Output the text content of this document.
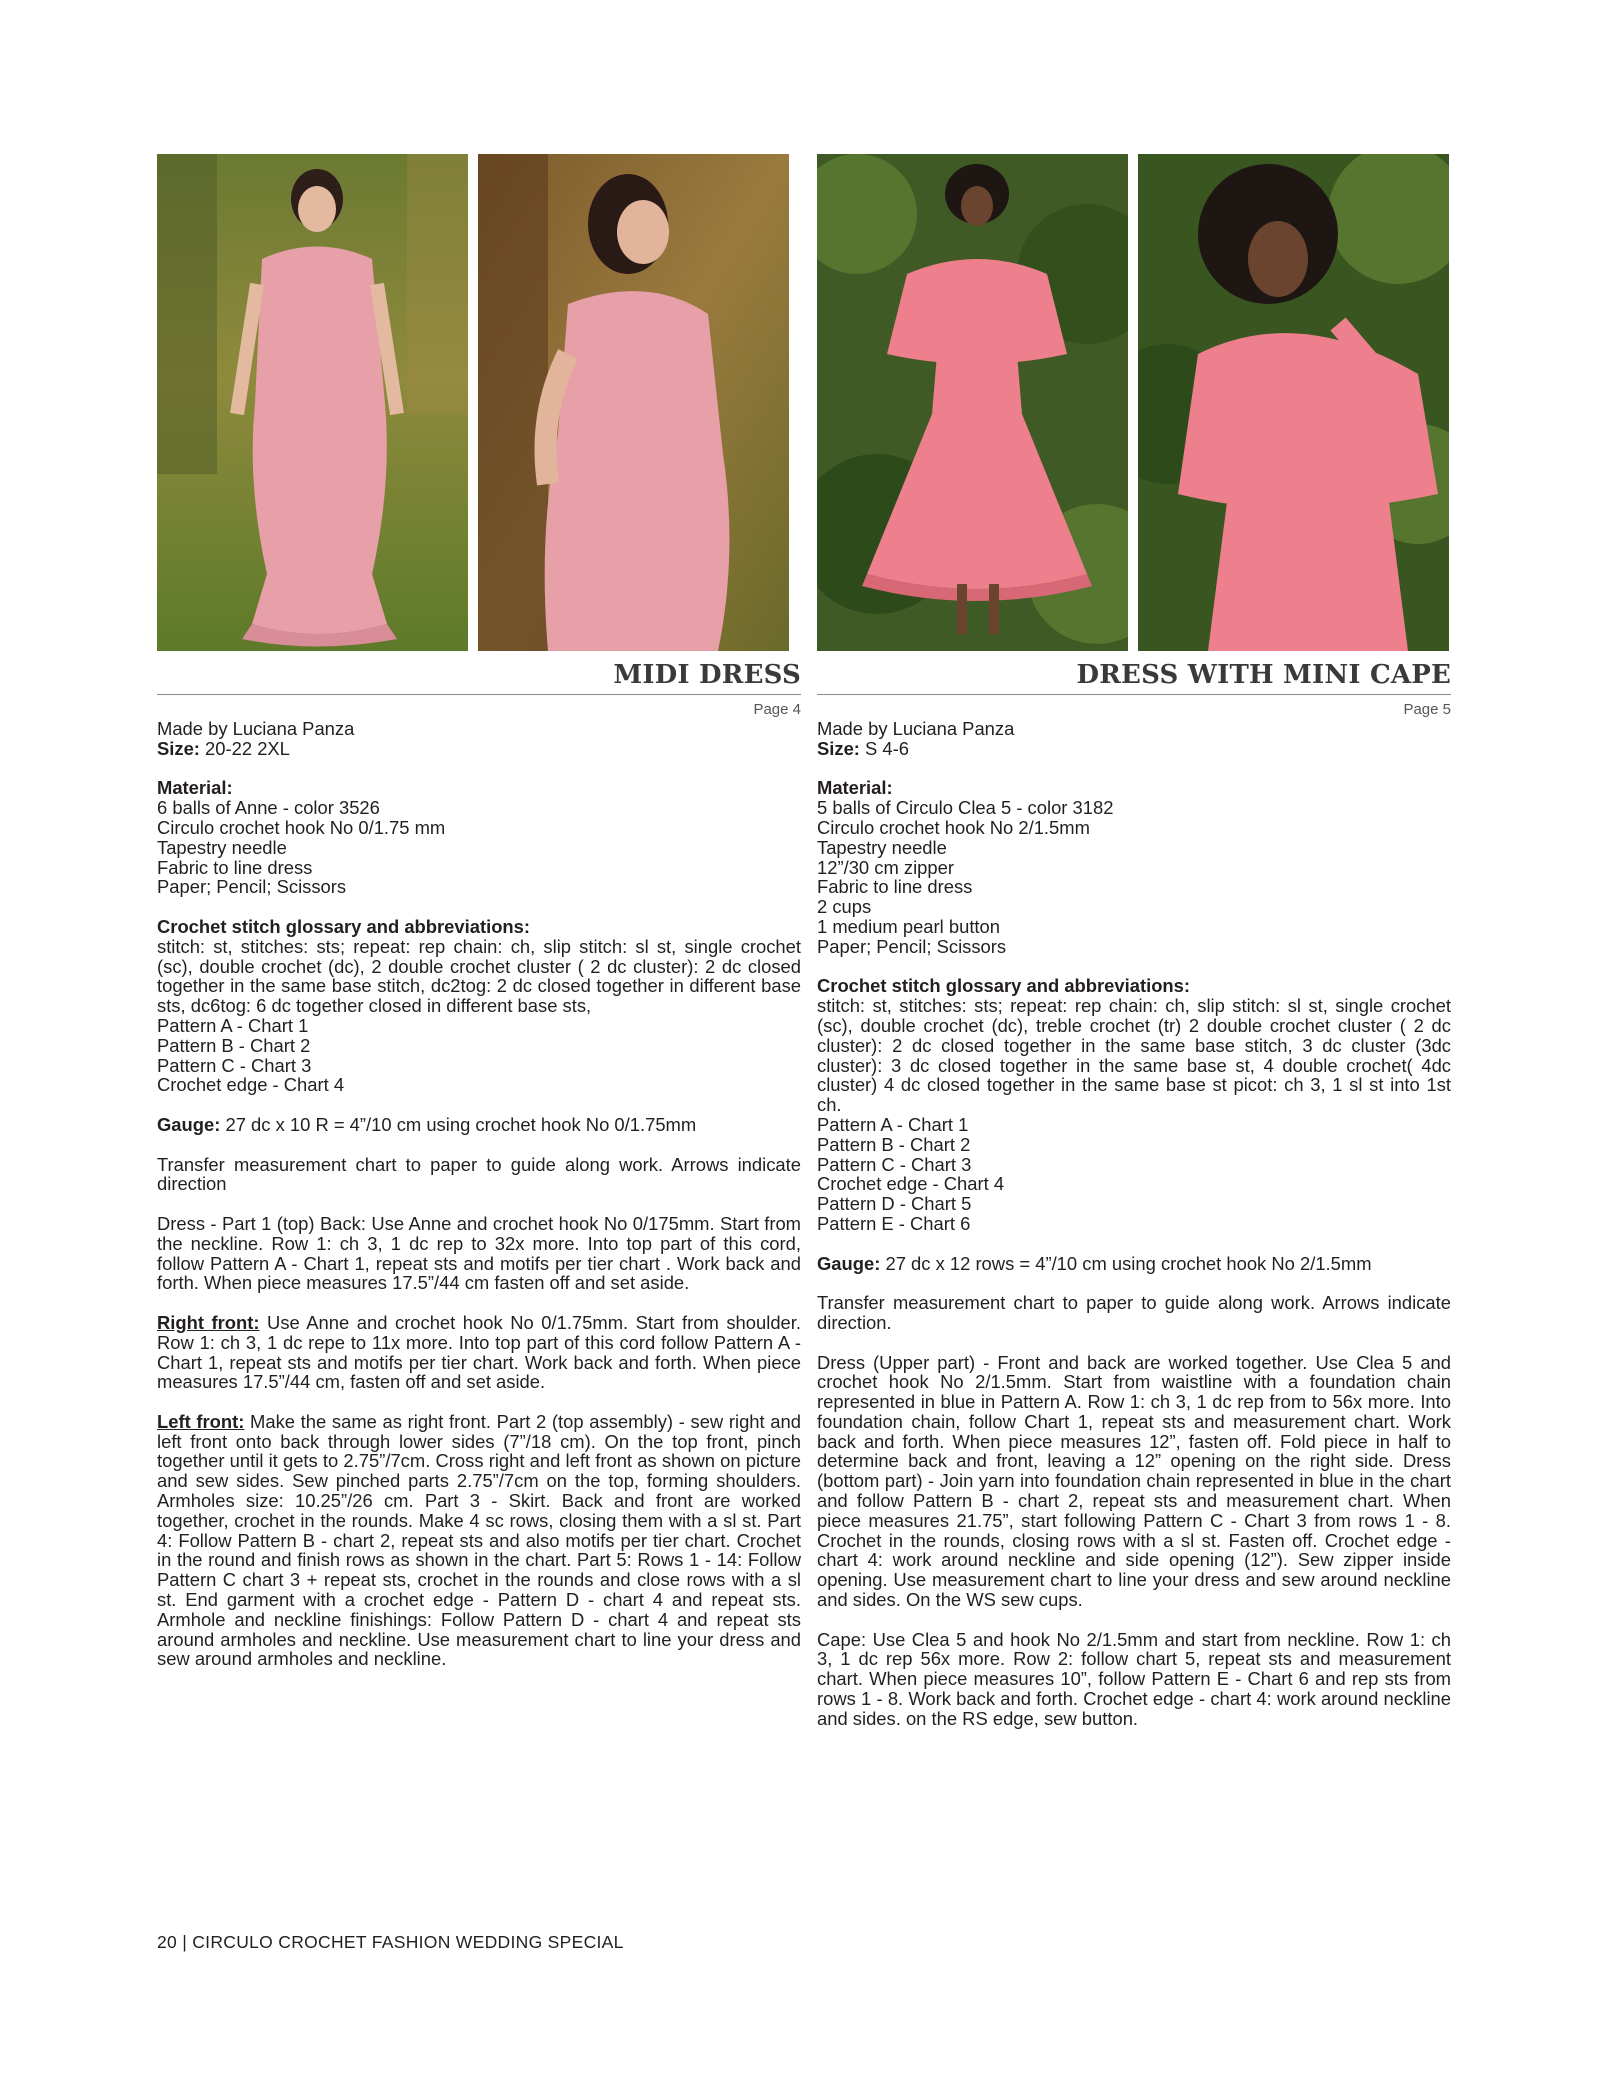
MIDI DRESS
Page 4

Made by Luciana Panza

Size: 20-22 2XL

Material:

6 balls of Anne - color 3526

Circulo crochet hook No 0/1.75 mm

Tapestry needle

Fabric to line dress

Paper; Pencil; Scissors

Crochet stitch glossary and abbreviations:

stitch: st, stitches: sts; repeat: rep chain: ch, slip stitch: sl st, single crochet (sc), double crochet (dc), 2 double crochet cluster ( 2 dc cluster): 2 dc closed together in the same base stitch, dc2tog: 2 dc closed together in different base sts, dc6tog: 6 dc together closed in different base sts,

Pattern A - Chart 1

Pattern B - Chart 2

Pattern C - Chart 3

Crochet edge - Chart 4

Gauge: 27 dc x 10 R = 4”/10 cm using crochet hook No 0/1.75mm

Transfer measurement chart to paper to guide along work. Arrows indicate direction

Dress - Part 1 (top) Back: Use Anne and crochet hook No 0/175mm. Start from the neckline. Row 1: ch 3, 1 dc rep to 32x more. Into top part of this cord, follow Pattern A - Chart 1, repeat sts and motifs per tier chart . Work back and forth. When piece measures 17.5”/44 cm fasten off and set aside.

Right front: Use Anne and crochet hook No 0/1.75mm. Start from shoulder. Row 1: ch 3, 1 dc repe to 11x more. Into top part of this cord follow Pattern A - Chart 1, repeat sts and motifs per tier chart. Work back and forth. When piece measures 17.5”/44 cm, fasten off and set aside.

Left front: Make the same as right front. Part 2 (top assembly) - sew right and left front onto back through lower sides (7”/18 cm). On the top front, pinch together until it gets to 2.75”/7cm. Cross right and left front as shown on picture and sew sides. Sew pinched parts 2.75”/7cm on the top, forming shoulders. Armholes size: 10.25”/26 cm. Part 3 - Skirt. Back and front are worked together, crochet in the rounds. Make 4 sc rows, closing them with a sl st. Part 4: Follow Pattern B - chart 2, repeat sts and also motifs per tier chart. Crochet in the round and finish rows as shown in the chart. Part 5: Rows 1 - 14: Follow Pattern C chart 3 + repeat sts, crochet in the rounds and close rows with a sl st. End garment with a crochet edge - Pattern D - chart 4 and repeat sts. Armhole and neckline finishings: Follow Pattern D - chart 4 and repeat sts around armholes and neckline. Use measurement chart to line your dress and sew around armholes and neckline.

DRESS WITH MINI CAPE
Page 5

Made by Luciana Panza

Size: S 4-6

Material:

5 balls of Circulo Clea 5 - color 3182

Circulo crochet hook No 2/1.5mm

Tapestry needle

12”/30 cm zipper

Fabric to line dress

2 cups

1 medium pearl button

Paper; Pencil; Scissors

Crochet stitch glossary and abbreviations:

stitch: st, stitches: sts; repeat: rep chain: ch, slip stitch: sl st, single crochet (sc), double crochet (dc), treble crochet (tr) 2 double crochet cluster ( 2 dc cluster): 2 dc closed together in the same base stitch, 3 dc cluster (3dc cluster): 3 dc closed together in the same base st, 4 double crochet( 4dc cluster) 4 dc closed together in the same base st picot: ch 3, 1 sl st into 1st ch.

Pattern A - Chart 1

Pattern B - Chart 2

Pattern C - Chart 3

Crochet edge - Chart 4

Pattern D - Chart 5

Pattern E - Chart 6

Gauge: 27 dc x 12 rows = 4”/10 cm using crochet hook No 2/1.5mm

Transfer measurement chart to paper to guide along work. Arrows indicate direction.

Dress (Upper part) - Front and back are worked together. Use Clea 5 and crochet hook No 2/1.5mm. Start from waistline with a foundation chain represented in blue in Pattern A. Row 1: ch 3, 1 dc rep from to 56x more. Into foundation chain, follow Chart 1, repeat sts and measurement chart. Work back and forth. When piece measures 12”, fasten off. Fold piece in half to determine back and front, leaving a 12” opening on the right side. Dress (bottom part) - Join yarn into foundation chain represented in blue in the chart and follow Pattern B - chart 2, repeat sts and measurement chart. When piece measures 21.75”, start following Pattern C - Chart 3 from rows 1 - 8. Crochet in the rounds, closing rows with a sl st. Fasten off. Crochet edge - chart 4: work around neckline and side opening (12”). Sew zipper inside opening. Use measurement chart to line your dress and sew around neckline and sides. On the WS sew cups.

Cape: Use Clea 5 and hook No 2/1.5mm and start from neckline. Row 1: ch 3, 1 dc rep 56x more. Row 2: follow chart 5, repeat sts and measurement chart. When piece measures 10”, follow Pattern E - Chart 6 and rep sts from rows 1 - 8. Work back and forth. Crochet edge - chart 4: work around neckline and sides. on the RS edge, sew button.

20 | CIRCULO CROCHET FASHION WEDDING SPECIAL
